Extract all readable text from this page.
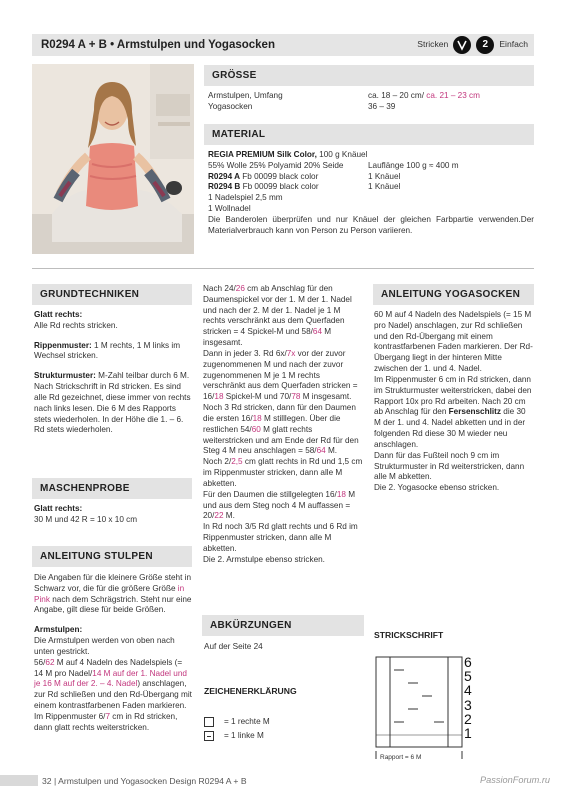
R0294 A + B • Armstulpen und Yogasocken	Stricken	2	Einfach
GRÖSSE
Armstulpen, Umfang	ca. 18 – 20 cm/ ca. 21 – 23 cm
Yogasocken	36 – 39
MATERIAL
REGIA PREMIUM Silk Color, 100 g Knäuel
55% Wolle 25% Polyamid 20% Seide	Lauflänge 100 g ≈ 400 m
R0294 A Fb 00099 black color	1 Knäuel
R0294 B Fb 00099 black color	1 Knäuel
1 Nadelspiel 2,5 mm
1 Wollnadel
Die Banderolen überprüfen und nur Knäuel der gleichen Farbpartie verwenden.Der Materialverbrauch kann von Person zu Person variieren.
GRUNDTECHNIKEN

Glatt rechts:
Alle Rd rechts stricken.

Rippenmuster: 1 M rechts, 1 M links im Wechsel stricken.

Strukturmuster: M-Zahl teilbar durch 6 M. Nach Strickschrift in Rd stricken. Es sind alle Rd gezeichnet, diese immer von rechts nach links lesen. Die 6 M des Rapports stets wiederholen. In der Höhe die 1. – 6. Rd stets wiederholen.

MASCHENPROBE

Glatt rechts:
30 M und 42 R = 10 x 10 cm

ANLEITUNG STULPEN

Die Angaben für die kleinere Größe steht in Schwarz vor, die für die größere Größe in Pink nach dem Schrägstrich. Steht nur eine Angabe, gilt diese für beide Größen.

Armstulpen:
Die Armstulpen werden von oben nach unten gestrickt.
56/62 M auf 4 Nadeln des Nadelspiels (= 14 M pro Nadel/14 M auf der 1. Nadel und je 16 M auf der 2. – 4. Nadel) anschlagen, zur Rd schließen und den Rd-Übergang mit einem kontrastfarbenen Faden markieren. Im Rippenmuster 6/7 cm in Rd stricken, dann glatt rechts weiterstricken.
Nach 24/26 cm ab Anschlag für den Daumenspickel vor der 1. M der 1. Nadel und nach der 2. M der 1. Nadel je 1 M rechts verschränkt aus dem Querfaden stricken = 4 Spickel-M und 58/64 M insgesamt.
Dann in jeder 3. Rd 6x/7x vor der zuvor zugenommenen M und nach der zuvor zugenommenen M je 1 M rechts verschränkt aus dem Querfaden stricken = 16/18 Spickel-M und 70/78 M insgesamt.
Noch 3 Rd stricken, dann für den Daumen die ersten 16/18 M stilllegen. Über die restlichen 54/60 M glatt rechts weiterstricken und am Ende der Rd für den Steg 4 M neu anschlagen = 58/64 M.
Noch 2/2,5 cm glatt rechts in Rd und 1,5 cm im Rippenmuster stricken, dann alle M abketten.
Für den Daumen die stillgelegten 16/18 M und aus dem Steg noch 4 M auffassen = 20/22 M.
In Rd noch 3/5 Rd glatt rechts und 6 Rd im Rippenmuster stricken, dann alle M abketten.
Die 2. Armstulpe ebenso stricken.
ABKÜRZUNGEN
Auf der Seite 24
ZEICHENERKLÄRUNG
= 1 rechte M
= 1 linke M
ANLEITUNG YOGASOCKEN
60 M auf 4 Nadeln des Nadelspiels (= 15 M pro Nadel) anschlagen, zur Rd schließen und den Rd-Übergang mit einem kontrastfarbenen Faden markieren. Der Rd-Übergang liegt in der hinteren Mitte zwischen der 1. und 4. Nadel.
Im Rippenmuster 6 cm in Rd stricken, dann im Strukturmuster weiterstricken, dabei den Rapport 10x pro Rd arbeiten. Nach 20 cm ab Anschlag für den Fersenschlitz die 30 M der 1. und 4. Nadel abketten und in der folgenden Rd diese 30 M wieder neu anschlagen.
Dann für das Fußteil noch 9 cm im Strukturmuster in Rd weiterstricken, dann alle M abketten.
Die 2. Yogasocke ebenso stricken.
STRICKSCHRIFT
6
5
4
3
2
1
Rapport = 6 M
32 | Armstulpen und Yogasocken Design R0294 A + B	PassionForum.ru
